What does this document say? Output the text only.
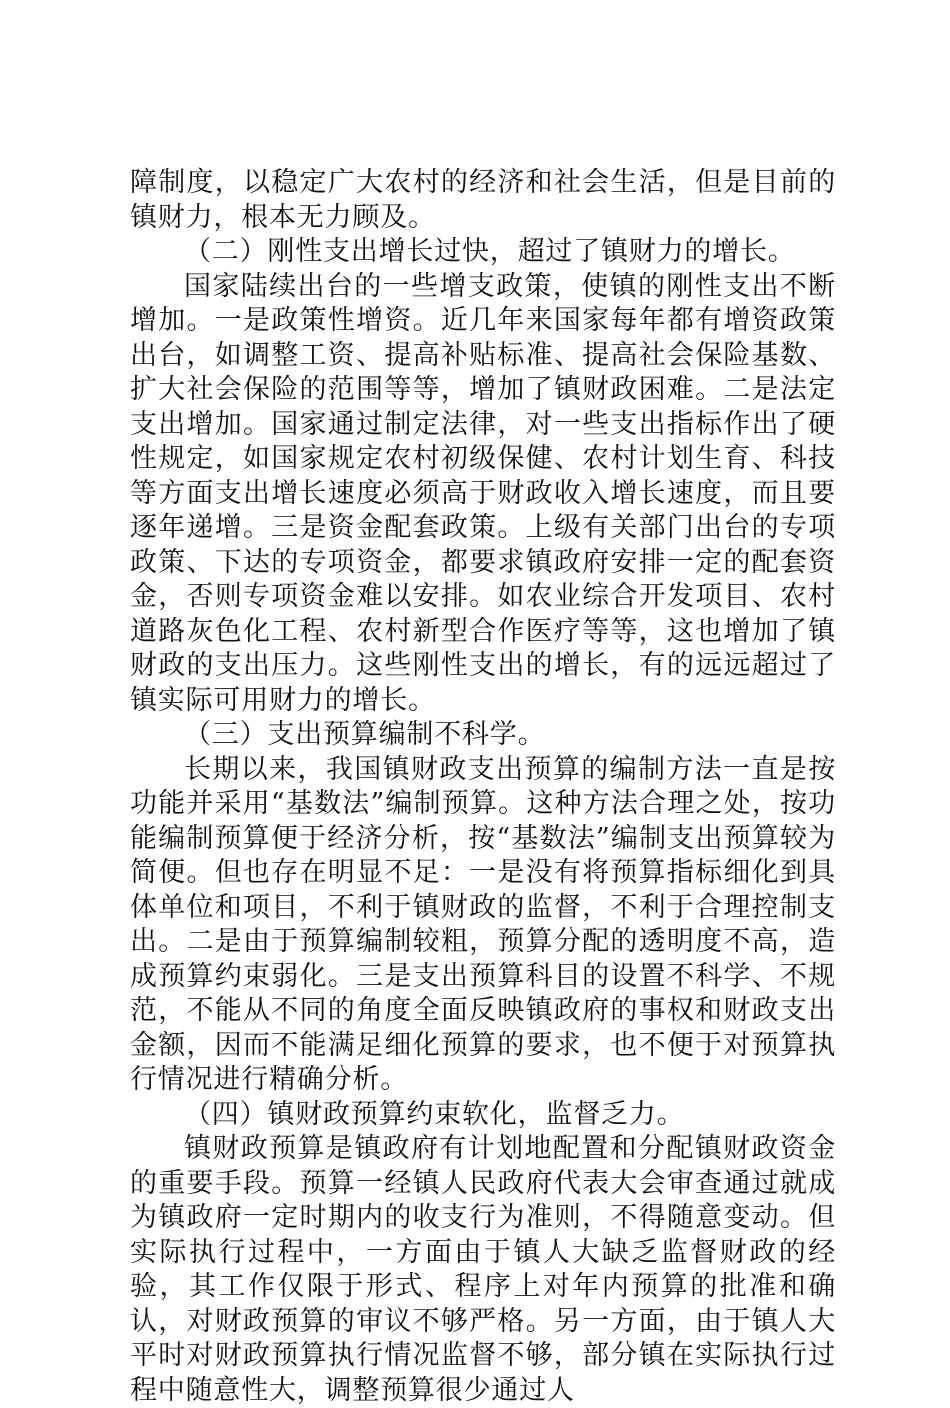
障制度，以稳定广大农村的经济和社会生活，但是目前的镇财力，根本无力顾及。

（二）刚性支出增长过快，超过了镇财力的增长。

国家陆续出台的一些增支政策，使镇的刚性支出不断增加。一是政策性增资。近几年来国家每年都有增资政策出台，如调整工资、提高补贴标准、提高社会保险基数、扩大社会保险的范围等等，增加了镇财政困难。二是法定支出增加。国家通过制定法律，对一些支出指标作出了硬性规定，如国家规定农村初级保健、农村计划生育、科技等方面支出增长速度必须高于财政收入增长速度，而且要逐年递增。三是资金配套政策。上级有关部门出台的专项政策、下达的专项资金，都要求镇政府安排一定的配套资金，否则专项资金难以安排。如农业综合开发项目、农村道路灰色化工程、农村新型合作医疗等等，这也增加了镇财政的支出压力。这些刚性支出的增长，有的远远超过了镇实际可用财力的增长。

（三）支出预算编制不科学。

长期以来，我国镇财政支出预算的编制方法一直是按功能并采用“基数法”编制预算。这种方法合理之处，按功能编制预算便于经济分析，按“基数法”编制支出预算较为简便。但也存在明显不足：一是没有将预算指标细化到具体单位和项目，不利于镇财政的监督，不利于合理控制支出。二是由于预算编制较粗，预算分配的透明度不高，造成预算约束弱化。三是支出预算科目的设置不科学、不规范，不能从不同的角度全面反映镇政府的事权和财政支出金额，因而不能满足细化预算的要求，也不便于对预算执行情况进行精确分析。

（四）镇财政预算约束软化，监督乏力。

镇财政预算是镇政府有计划地配置和分配镇财政资金的重要手段。预算一经镇人民政府代表大会审查通过就成为镇政府一定时期内的收支行为准则，不得随意变动。但实际执行过程中，一方面由于镇人大缺乏监督财政的经验，其工作仅限于形式、程序上对年内预算的批准和确认，对财政预算的审议不够严格。另一方面，由于镇人大平时对财政预算执行情况监督不够，部分镇在实际执行过程中随意性大，调整预算很少通过人
